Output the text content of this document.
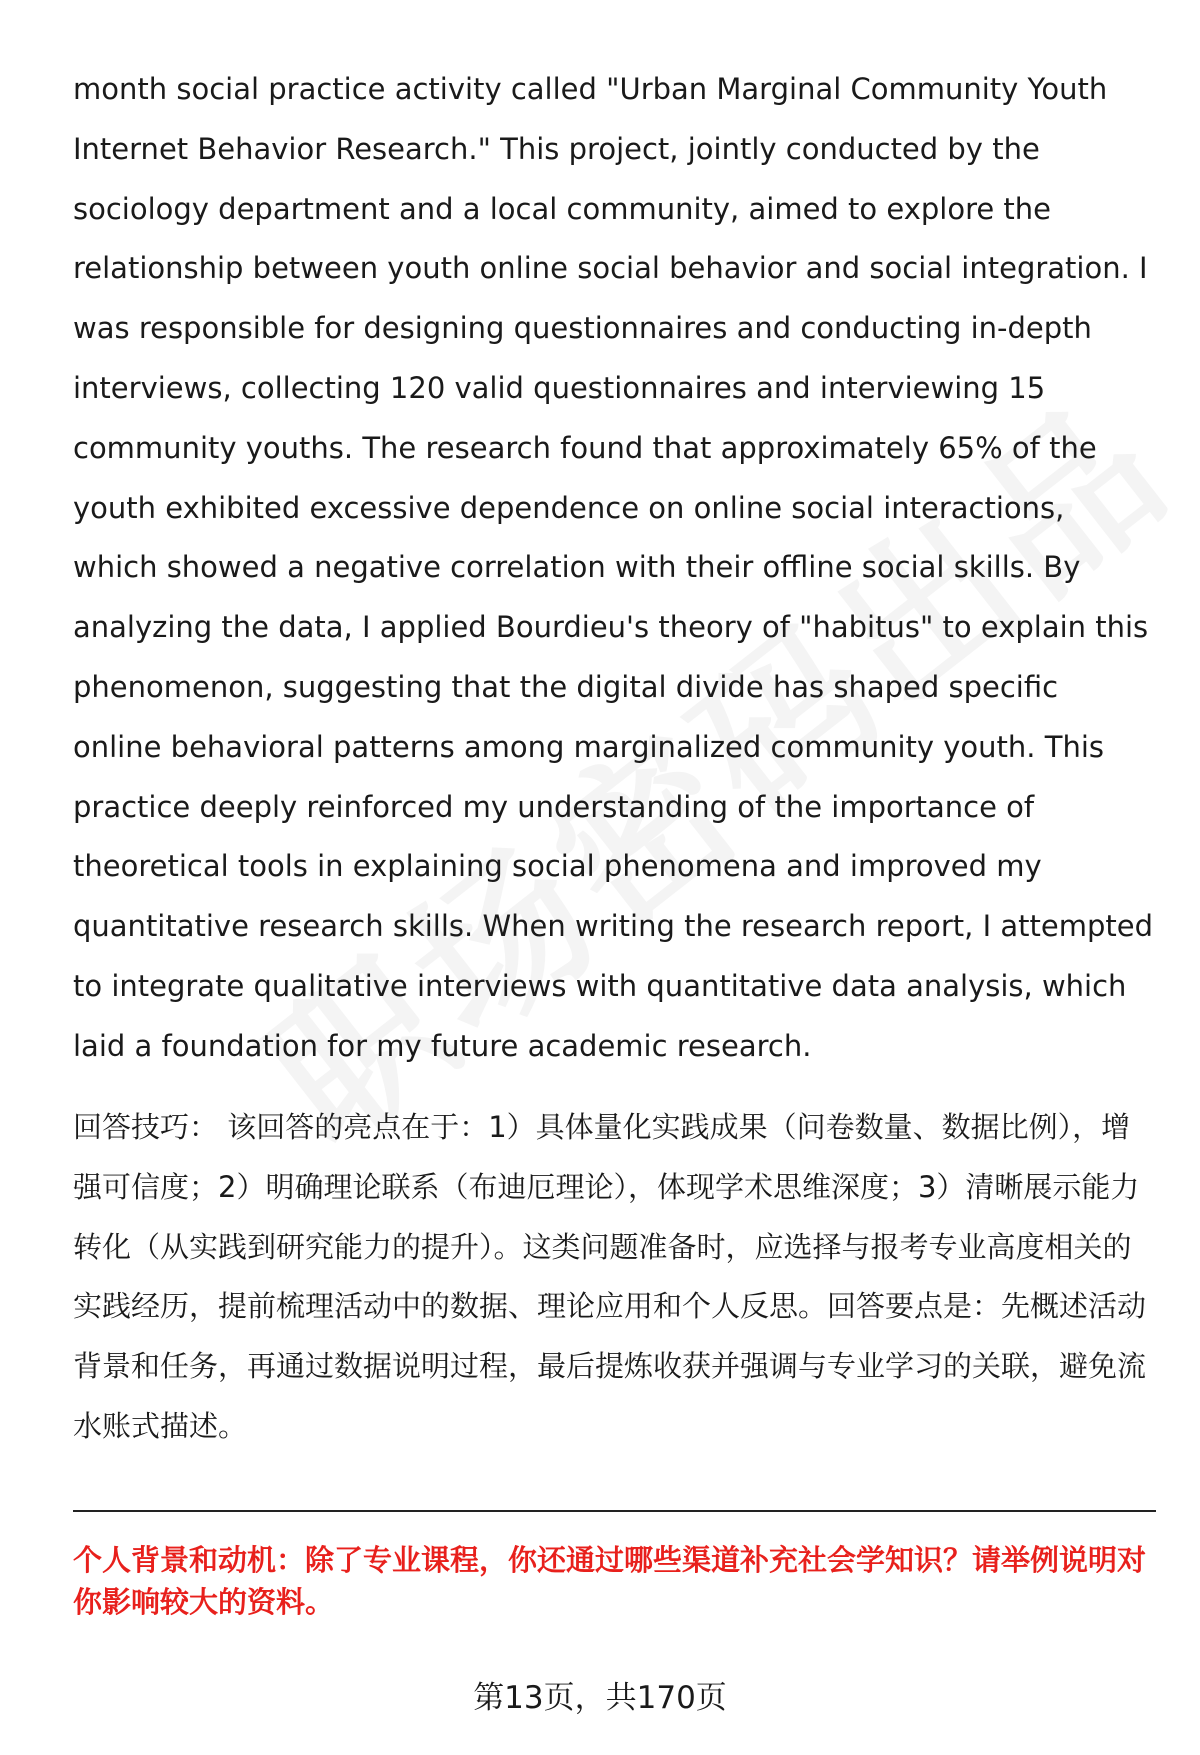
month social practice activity called "Urban Marginal Community Youth Internet Behavior Research." This project, jointly conducted by the sociology department and a local community, aimed to explore the relationship between youth online social behavior and social integration. I was responsible for designing questionnaires and conducting in-depth interviews, collecting 120 valid questionnaires and interviewing 15 community youths. The research found that approximately 65% of the youth exhibited excessive dependence on online social interactions, which showed a negative correlation with their offline social skills. By analyzing the data, I applied Bourdieu's theory of "habitus" to explain this phenomenon, suggesting that the digital divide has shaped specific online behavioral patterns among marginalized community youth. This practice deeply reinforced my understanding of the importance of theoretical tools in explaining social phenomena and improved my quantitative research skills. When writing the research report, I attempted to integrate qualitative interviews with quantitative data analysis, which laid a foundation for my future academic research.

回答技巧： 该回答的亮点在于：1）具体量化实践成果（问卷数量、数据比例），增强可信度；2）明确理论联系（布迪厄理论），体现学术思维深度；3）清晰展示能力转化（从实践到研究能力的提升）。这类问题准备时，应选择与报考专业高度相关的实践经历，提前梳理活动中的数据、理论应用和个人反思。回答要点是：先概述活动背景和任务，再通过数据说明过程，最后提炼收获并强调与专业学习的关联，避免流水账式描述。

个人背景和动机：除了专业课程，你还通过哪些渠道补充社会学知识？请举例说明对你影响较大的资料。

第13页，共170页
